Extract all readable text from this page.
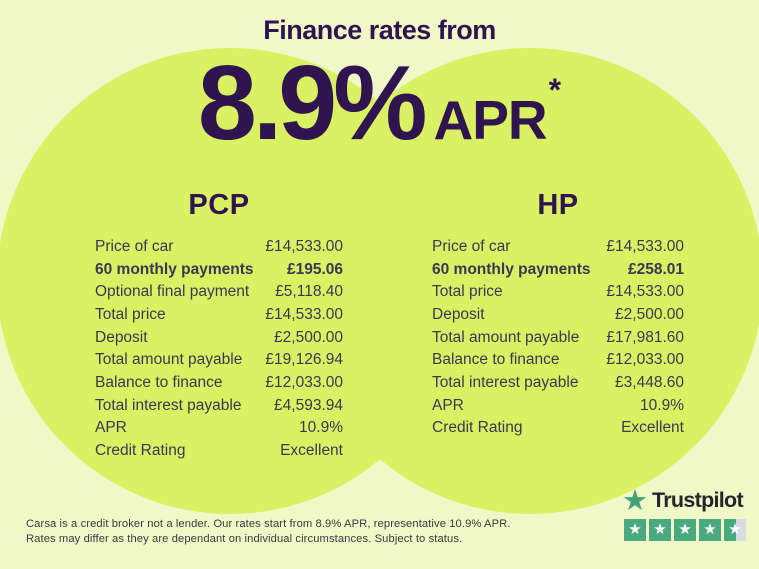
Finance rates from
8.9% APR *
PCP
Price of car	£14,533.00
60 monthly payments £195.06
Optional final payment £5,118.40
Total price	£14,533.00
Deposit	£2,500.00
Total amount payable £19,126.94
Balance to finance	£12,033.00
Total interest payable £4,593.94
APR	10.9%
Credit Rating	Excellent
HP
Price of car	£14,533.00
60 monthly payments £258.01
Total price	£14,533.00
Deposit	£2,500.00
Total amount payable £17,981.60
Balance to finance	£12,033.00
Total interest payable £3,448.60
APR	10.9%
Credit Rating	Excellent
Carsa is a credit broker not a lender. Our rates start from 8.9% APR, representative 10.9% APR.
Rates may differ as they are dependant on individual circumstances. Subject to status.
★ Trustpilot
★ ★ ★ ★ ★
